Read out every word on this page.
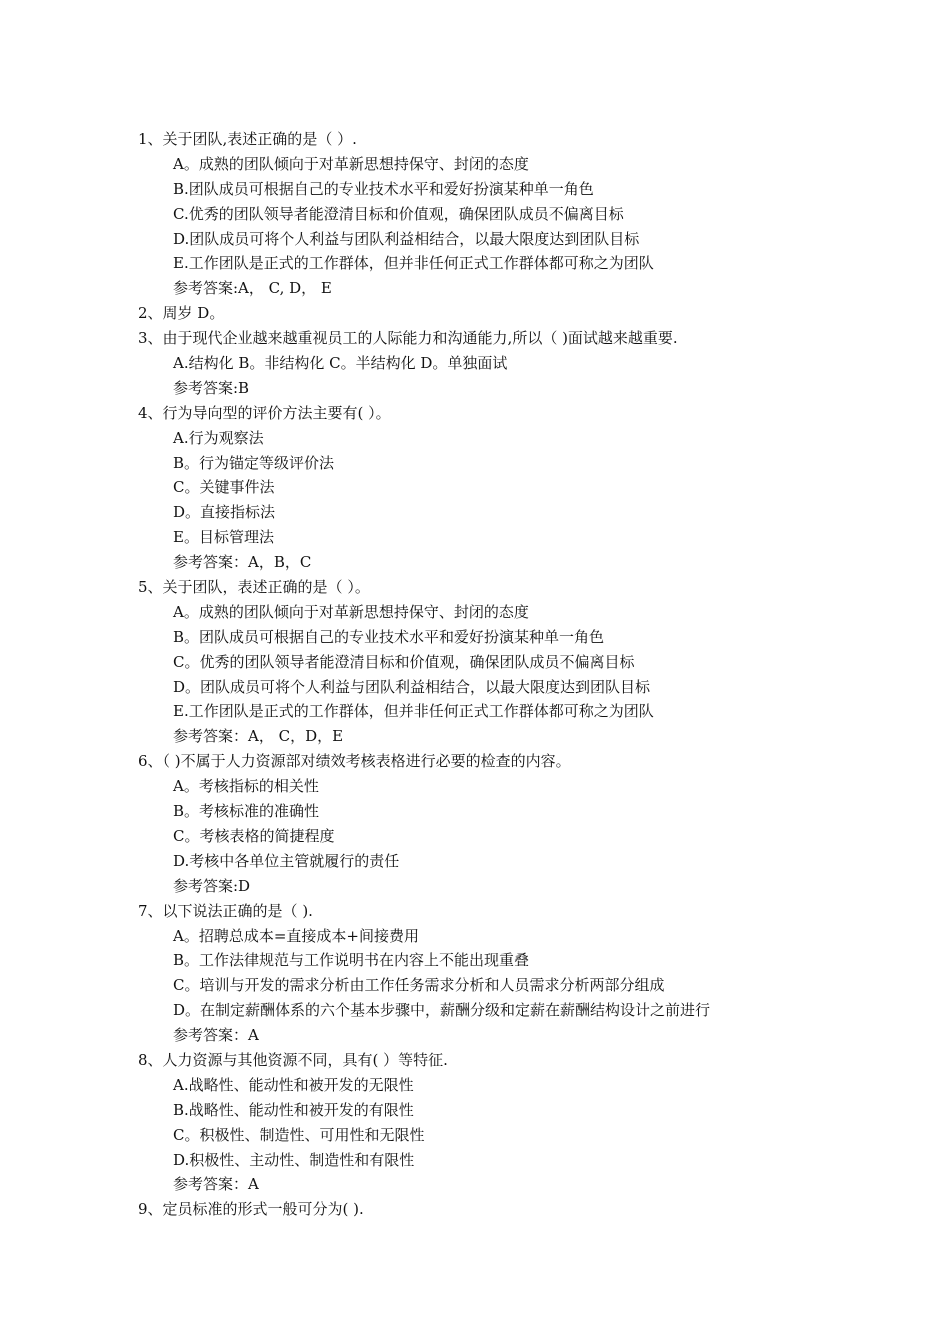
1、关于团队,表述正确的是（ ）.
A。成熟的团队倾向于对革新思想持保守、封闭的态度
B.团队成员可根据自己的专业技术水平和爱好扮演某种单一角色
C.优秀的团队领导者能澄清目标和价值观，确保团队成员不偏离目标
D.团队成员可将个人利益与团队利益相结合，以最大限度达到团队目标
E.工作团队是正式的工作群体，但并非任何正式工作群体都可称之为团队
参考答案:A， C, D， E
2、周岁 D。
3、由于现代企业越来越重视员工的人际能力和沟通能力,所以（ )面试越来越重要.
A.结构化 B。非结构化 C。半结构化 D。单独面试
参考答案:B
4、行为导向型的评价方法主要有( ）。
A.行为观察法
B。行为锚定等级评价法
C。关键事件法
D。直接指标法
E。目标管理法
参考答案：A，B，C
5、关于团队，表述正确的是（ ）。
A。成熟的团队倾向于对革新思想持保守、封闭的态度
B。团队成员可根据自己的专业技术水平和爱好扮演某种单一角色
C。优秀的团队领导者能澄清目标和价值观，确保团队成员不偏离目标
D。团队成员可将个人利益与团队利益相结合，以最大限度达到团队目标
E.工作团队是正式的工作群体，但并非任何正式工作群体都可称之为团队
参考答案：A， C，D，E
6、（ )不属于人力资源部对绩效考核表格进行必要的检查的内容。
A。考核指标的相关性
B。考核标准的准确性
C。考核表格的简捷程度
D.考核中各单位主管就履行的责任
参考答案:D
7、以下说法正确的是（ ).
A。招聘总成本=直接成本+间接费用
B。工作法律规范与工作说明书在内容上不能出现重叠
C。培训与开发的需求分析由工作任务需求分析和人员需求分析两部分组成
D。在制定薪酬体系的六个基本步骤中，薪酬分级和定薪在薪酬结构设计之前进行
参考答案：A
8、人力资源与其他资源不同，具有( ）等特征.
A.战略性、能动性和被开发的无限性
B.战略性、能动性和被开发的有限性
C。积极性、制造性、可用性和无限性
D.积极性、主动性、制造性和有限性
参考答案：A
9、定员标准的形式一般可分为( ).
